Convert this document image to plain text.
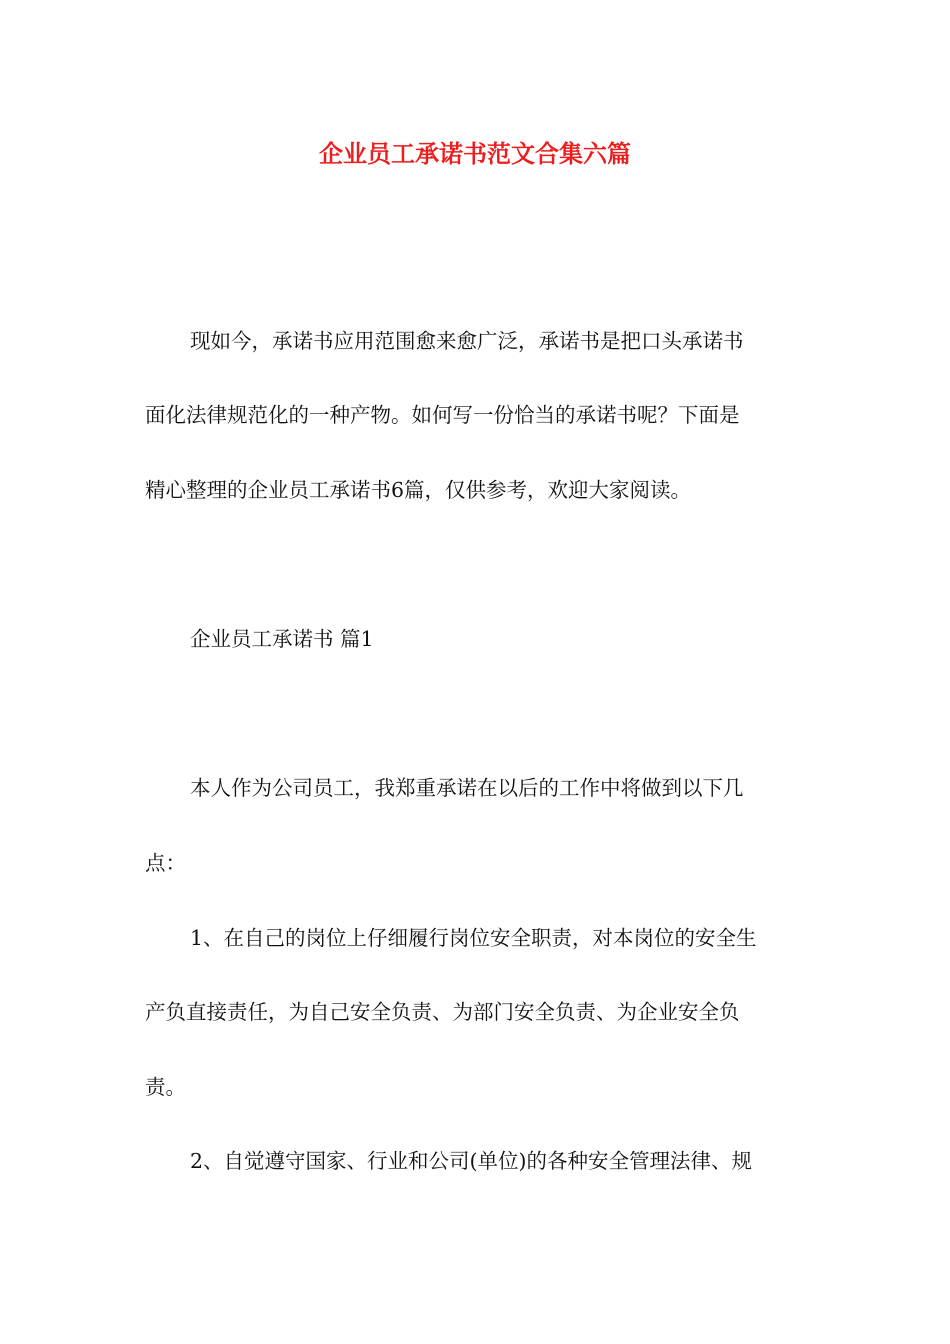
企业员工承诺书范文合集六篇

现如今，承诺书应用范围愈来愈广泛，承诺书是把口头承诺书

面化法律规范化的一种产物。如何写一份恰当的承诺书呢？下面是

精心整理的企业员工承诺书6篇，仅供参考，欢迎大家阅读。

企业员工承诺书 篇1

本人作为公司员工，我郑重承诺在以后的工作中将做到以下几

点：

1、在自己的岗位上仔细履行岗位安全职责，对本岗位的安全生

产负直接责任，为自己安全负责、为部门安全负责、为企业安全负

责。

2、自觉遵守国家、行业和公司(单位)的各种安全管理法律、规
